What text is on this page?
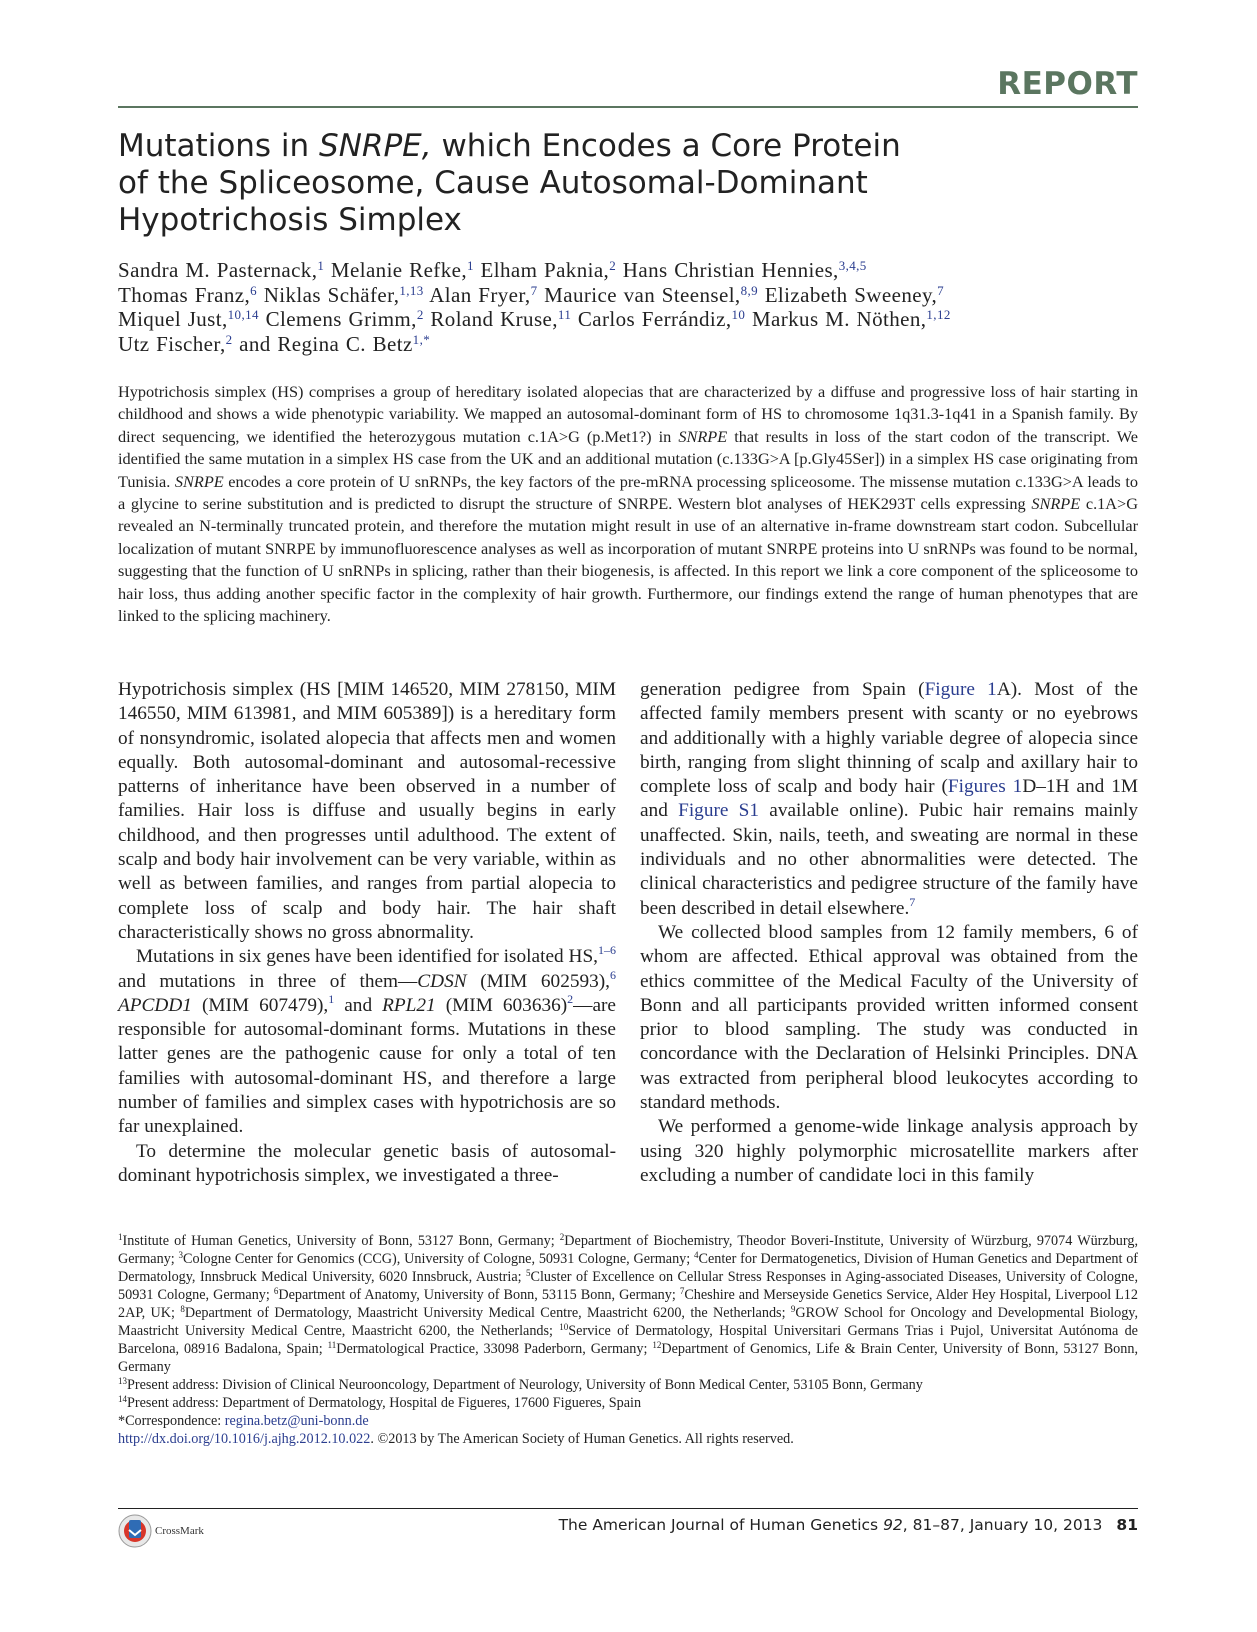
REPORT
Mutations in SNRPE, which Encodes a Core Protein of the Spliceosome, Cause Autosomal-Dominant Hypotrichosis Simplex
Sandra M. Pasternack,$^1$ Melanie Refke,$^1$ Elham Paknia,$^2$ Hans Christian Hennies,$^{3,4,5}$
Thomas Franz,$^6$ Niklas Schäfer,$^{1,13}$ Alan Fryer,$^7$ Maurice van Steensel,$^{8,9}$ Elizabeth Sweeney,$^7$
Miquel Just,$^{10,14}$ Clemens Grimm,$^2$ Roland Kruse,$^{11}$ Carlos Ferrándiz,$^{10}$ Markus M. Nöthen,$^{1,12}$
Utz Fischer,$^2$ and Regina C. Betz$^{1,*}$

Hypotrichosis simplex (HS) comprises a group of hereditary isolated alopecias that are characterized by a diffuse and progressive loss of hair starting in childhood and shows a wide phenotypic variability. We mapped an autosomal-dominant form of HS to chromosome 1q31.3-1q41 in a Spanish family. By direct sequencing, we identified the heterozygous mutation c.1A>G (p.Met1?) in SNRPE that results in loss of the start codon of the transcript. We identified the same mutation in a simplex HS case from the UK and an additional mutation (c.133G>A [p.Gly45Ser]) in a simplex HS case originating from Tunisia. SNRPE encodes a core protein of U snRNPs, the key factors of the pre-mRNA processing spliceosome. The missense mutation c.133G>A leads to a glycine to serine substitution and is predicted to disrupt the structure of SNRPE. Western blot analyses of HEK293T cells expressing SNRPE c.1A>G revealed an N-terminally truncated protein, and therefore the mutation might result in use of an alternative in-frame downstream start codon. Subcellular localization of mutant SNRPE by immunofluorescence analyses as well as incorporation of mutant SNRPE proteins into U snRNPs was found to be normal, suggesting that the function of U snRNPs in splicing, rather than their biogenesis, is affected. In this report we link a core component of the spliceosome to hair loss, thus adding another specific factor in the complexity of hair growth. Furthermore, our findings extend the range of human phenotypes that are linked to the splicing machinery.

Hypotrichosis simplex (HS [MIM 146520, MIM 278150, MIM 146550, MIM 613981, and MIM 605389]) is a hereditary form of nonsyndromic, isolated alopecia that affects men and women equally. Both autosomal-dominant and autosomal-recessive patterns of inheritance have been observed in a number of families. Hair loss is diffuse and usually begins in early childhood, and then progresses until adulthood. The extent of scalp and body hair involvement can be very variable, within as well as between families, and ranges from partial alopecia to complete loss of scalp and body hair. The hair shaft characteristically shows no gross abnormality.

Mutations in six genes have been identified for isolated HS,$^{1-6}$ and mutations in three of them—CDSN (MIM 602593),$^6$ APCDD1 (MIM 607479),$^1$ and RPL21 (MIM 603636)$^2$—are responsible for autosomal-dominant forms. Mutations in these latter genes are the pathogenic cause for only a total of ten families with autosomal-dominant HS, and therefore a large number of families and simplex cases with hypotrichosis are so far unexplained.

To determine the molecular genetic basis of autosomal-dominant hypotrichosis simplex, we investigated a three-

generation pedigree from Spain (Figure 1A). Most of the affected family members present with scanty or no eyebrows and additionally with a highly variable degree of alopecia since birth, ranging from slight thinning of scalp and axillary hair to complete loss of scalp and body hair (Figures 1D–1H and 1M and Figure S1 available online). Pubic hair remains mainly unaffected. Skin, nails, teeth, and sweating are normal in these individuals and no other abnormalities were detected. The clinical characteristics and pedigree structure of the family have been described in detail elsewhere.$^7$

We collected blood samples from 12 family members, 6 of whom are affected. Ethical approval was obtained from the ethics committee of the Medical Faculty of the University of Bonn and all participants provided written informed consent prior to blood sampling. The study was conducted in concordance with the Declaration of Helsinki Principles. DNA was extracted from peripheral blood leukocytes according to standard methods.

We performed a genome-wide linkage analysis approach by using 320 highly polymorphic microsatellite markers after excluding a number of candidate loci in this family

$^1$Institute of Human Genetics, University of Bonn, 53127 Bonn, Germany; $^2$Department of Biochemistry, Theodor Boveri-Institute, University of Würzburg, 97074 Würzburg, Germany; $^3$Cologne Center for Genomics (CCG), University of Cologne, 50931 Cologne, Germany; $^4$Center for Dermatogenetics, Division of Human Genetics and Department of Dermatology, Innsbruck Medical University, 6020 Innsbruck, Austria; $^5$Cluster of Excellence on Cellular Stress Responses in Aging-associated Diseases, University of Cologne, 50931 Cologne, Germany; $^6$Department of Anatomy, University of Bonn, 53115 Bonn, Germany; $^7$Cheshire and Merseyside Genetics Service, Alder Hey Hospital, Liverpool L12 2AP, UK; $^8$Department of Dermatology, Maastricht University Medical Centre, Maastricht 6200, the Netherlands; $^9$GROW School for Oncology and Developmental Biology, Maastricht University Medical Centre, Maastricht 6200, the Netherlands; $^{10}$Service of Dermatology, Hospital Universitari Germans Trias i Pujol, Universitat Autónoma de Barcelona, 08916 Badalona, Spain; $^{11}$Dermatological Practice, 33098 Paderborn, Germany; $^{12}$Department of Genomics, Life & Brain Center, University of Bonn, 53127 Bonn, Germany

$^{13}$Present address: Division of Clinical Neurooncology, Department of Neurology, University of Bonn Medical Center, 53105 Bonn, Germany

$^{14}$Present address: Department of Dermatology, Hospital de Figueres, 17600 Figueres, Spain

*Correspondence: regina.betz@uni-bonn.de

http://dx.doi.org/10.1016/j.ajhg.2012.10.022. ©2013 by The American Society of Human Genetics. All rights reserved.

CrossMark	The American Journal of Human Genetics 92, 81–87, January 10, 2013 81
